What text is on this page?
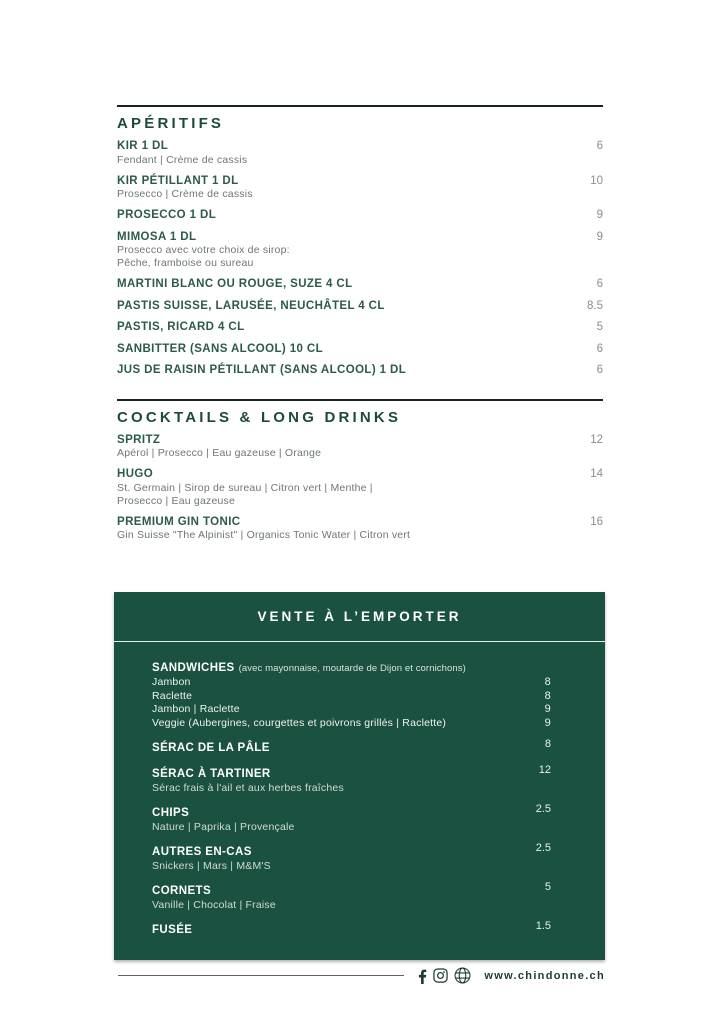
APÉRITIFS
KIR 1 DL
Fendant | Crème de cassis
6
KIR PÉTILLANT 1 DL
Prosecco | Crème de cassis
10
PROSECCO 1 DL	9
MIMOSA 1 DL
Prosecco avec votre choix de sirop:
Pêche, framboise ou sureau
9
MARTINI BLANC OU ROUGE, SUZE 4 CL	6
PASTIS SUISSE, LARUSÉE, NEUCHÂTEL 4 CL	8.5
PASTIS, RICARD 4 CL	5
SANBITTER (SANS ALCOOL) 10 CL	6
JUS DE RAISIN PÉTILLANT (SANS ALCOOL) 1 DL	6
COCKTAILS & LONG DRINKS
SPRITZ
Apérol | Prosecco | Eau gazeuse | Orange
12
HUGO
St. Germain | Sirop de sureau | Citron vert | Menthe |
Prosecco | Eau gazeuse
14
PREMIUM GIN TONIC
Gin Suisse "The Alpinist" | Organics Tonic Water | Citron vert
16
VENTE À L’EMPORTER
SANDWICHES (avec mayonnaise, moutarde de Dijon et cornichons)
Jambon	8
Raclette	8
Jambon | Raclette	9
Veggie (Aubergines, courgettes et poivrons grillés | Raclette)	9
SÉRAC DE LA PÂLE	8
SÉRAC À TARTINER	12
Sérac frais à l'ail et aux herbes fraîches
CHIPS	2.5
Nature | Paprika | Provençale
AUTRES EN-CAS	2.5
Snickers | Mars | M&M'S
CORNETS	5
Vanille | Chocolat | Fraise
FUSÉE	1.5
www.chindonne.ch
